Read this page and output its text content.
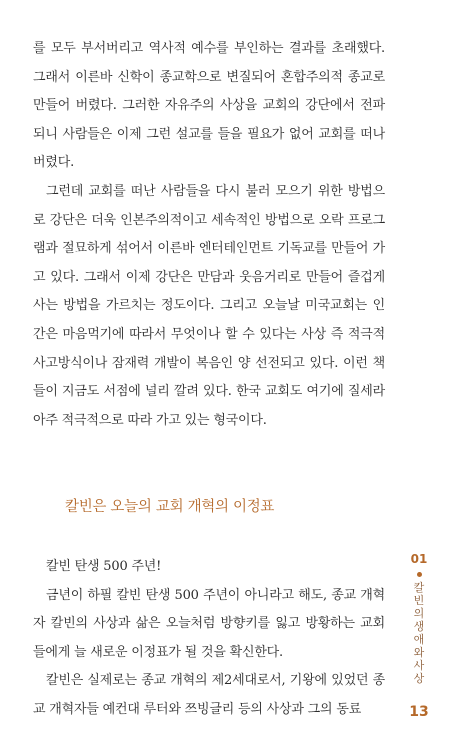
를 모두 부서버리고 역사적 예수를 부인하는 결과를 초래했다. 그래서 이른바 신학이 종교학으로 변질되어 혼합주의적 종교로 만들어 버렸다. 그러한 자유주의 사상을 교회의 강단에서 전파되니 사람들은 이제 그런 설교를 들을 필요가 없어 교회를 떠나 버렸다.

그런데 교회를 떠난 사람들을 다시 불러 모으기 위한 방법으로 강단은 더욱 인본주의적이고 세속적인 방법으로 오락 프로그램과 절묘하게 섞어서 이른바 엔터테인먼트 기독교를 만들어 가고 있다. 그래서 이제 강단은 만담과 웃음거리로 만들어 즐겁게 사는 방법을 가르치는 정도이다. 그리고 오늘날 미국교회는 인간은 마음먹기에 따라서 무엇이나 할 수 있다는 사상 즉 적극적 사고방식이나 잠재력 개발이 복음인 양 선전되고 있다. 이런 책들이 지금도 서점에 널리 깔려 있다. 한국 교회도 여기에 질세라 아주 적극적으로 따라 가고 있는 형국이다.

칼빈은 오늘의 교회 개혁의 이정표

칼빈 탄생 500 주년!

금년이 하필 칼빈 탄생 500 주년이 아니라고 해도, 종교 개혁자 칼빈의 사상과 삶은 오늘처럼 방향키를 잃고 방황하는 교회들에게 늘 새로운 이정표가 될 것을 확신한다.

칼빈은 실제로는 종교 개혁의 제2세대로서, 기왕에 있었던 종교 개혁자들 예컨대 루터와 쯔빙글리 등의 사상과 그의 동료

01
칼빈의 생애와 사상
13
